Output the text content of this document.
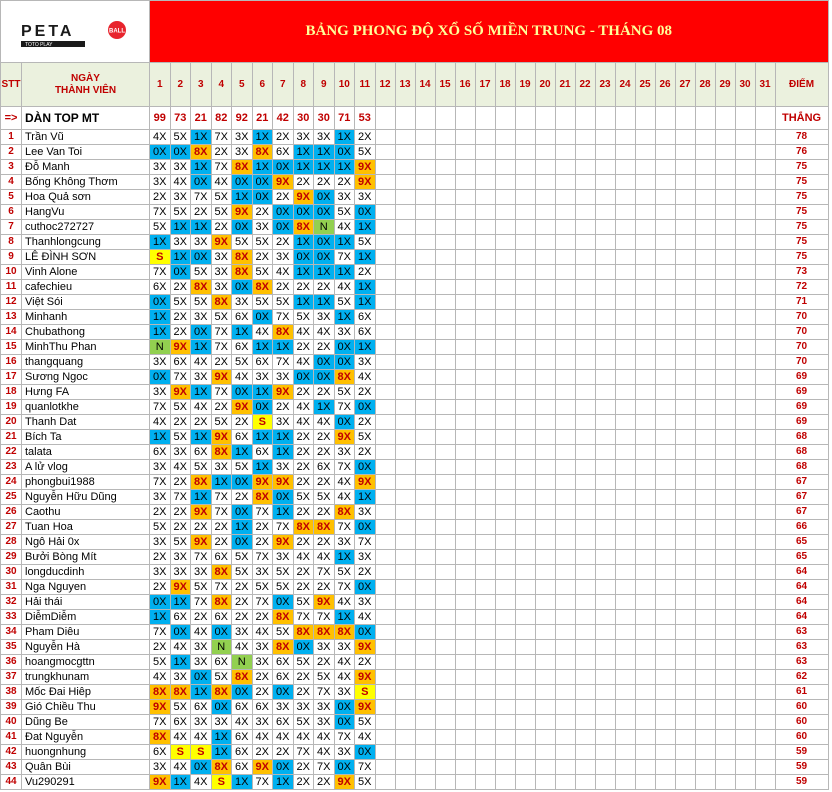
PETA BALL
TOTO PLAY		BẢNG PHONG ĐỘ XỔ SỐ MIỀN TRUNG - THÁNG 08																															
STT	NGÀY
THÀNH VIÊN	1	2	3	4	5	6	7	8	9	10	11	12	13	14	15	16	17	18	19	20	21	22	23	24	25	26	27	28	29	30	31	ĐIỂM
=>	DÀN TOP MT	99	73	21	82	92	21	42	30	30	71	53																					THẮNG
1	Trần Vũ	4X	5X	1X	7X	3X	1X	2X	3X	3X	1X	2X																					78
2	Lee Van Toi	0X	0X	8X	2X	3X	8X	6X	1X	1X	0X	5X																					76
3	Đỗ Manh	3X	3X	1X	7X	8X	1X	0X	1X	1X	1X	9X																					75
4	Bống Không Thơm	3X	4X	0X	4X	0X	0X	9X	2X	2X	2X	9X																					75
5	Hoa Quả sơn	2X	3X	7X	5X	1X	0X	2X	9X	0X	3X	3X																					75
6	HangVu	7X	5X	2X	5X	9X	2X	0X	0X	0X	5X	0X																					75
7	cuthoc272727	5X	1X	1X	2X	0X	3X	0X	8X	N	4X	1X																					75
8	Thanhlongcung	1X	3X	3X	9X	5X	5X	2X	1X	0X	1X	5X																					75
9	LÊ ĐÌNH SƠN	S	1X	0X	3X	8X	2X	3X	0X	0X	7X	1X																					75
10	Vinh Alone	7X	0X	5X	3X	8X	5X	4X	1X	1X	1X	2X																					73
11	cafechieu	6X	2X	8X	3X	0X	8X	2X	2X	2X	4X	1X																					72
12	Việt Sói	0X	5X	5X	8X	3X	5X	5X	1X	1X	5X	1X																					71
13	Minhanh	1X	2X	3X	5X	6X	0X	7X	5X	3X	1X	6X																					70
14	Chubathong	1X	2X	0X	7X	1X	4X	8X	4X	4X	3X	6X																					70
15	MinhThu Phan	N	9X	1X	7X	6X	1X	1X	2X	2X	0X	1X																					70
16	thangquang	3X	6X	4X	2X	5X	6X	7X	4X	0X	0X	3X																					70
17	Sương Ngoc	0X	7X	3X	9X	4X	3X	3X	0X	0X	8X	4X																					69
18	Hưng FA	3X	9X	1X	7X	0X	1X	9X	2X	2X	5X	2X																					69
19	quanlotkhe	7X	5X	4X	2X	9X	0X	2X	4X	1X	7X	0X																					69
20	Thanh Dat	4X	2X	2X	5X	2X	S	3X	4X	4X	0X	2X																					69
21	Bích Ta	1X	5X	1X	9X	6X	1X	1X	2X	2X	9X	5X																					68
22	talata	6X	3X	6X	8X	1X	6X	1X	2X	2X	3X	2X																					68
23	A lử vlog	3X	4X	5X	3X	5X	1X	3X	2X	6X	7X	0X																					68
24	phongbui1988	7X	2X	8X	1X	0X	9X	9X	2X	2X	4X	9X																					67
25	Nguyễn Hữu Dũng	3X	7X	1X	7X	2X	8X	0X	5X	5X	4X	1X																					67
26	Caothu	2X	2X	9X	7X	0X	7X	1X	2X	2X	8X	3X																					67
27	Tuan Hoa	5X	2X	2X	2X	1X	2X	7X	8X	8X	7X	0X																					66
28	Ngô Hải 0x	3X	5X	9X	2X	0X	2X	9X	2X	2X	3X	7X																					65
29	Bưởi Bòng Mít	2X	3X	7X	6X	5X	7X	3X	4X	4X	1X	3X																					65
30	longducdinh	3X	3X	3X	8X	5X	3X	5X	2X	7X	5X	2X																					64
31	Nga Nguyen	2X	9X	5X	7X	2X	5X	5X	2X	2X	7X	0X																					64
32	Hải thái	0X	1X	7X	8X	2X	7X	0X	5X	9X	4X	3X																					64
33	DiễmDiễm	1X	6X	2X	6X	2X	2X	8X	7X	7X	1X	4X																					64
34	Pham Diêu	7X	0X	4X	0X	3X	4X	5X	8X	8X	8X	0X																					63
35	Nguyễn Hà	2X	4X	3X	N	4X	3X	8X	0X	3X	3X	9X																					63
36	hoangmocgttn	5X	1X	3X	6X	N	3X	6X	5X	2X	4X	2X																					63
37	trungkhunam	4X	3X	0X	5X	8X	2X	6X	2X	5X	4X	9X																					62
38	Mốc Đai Hiêp	8X	8X	1X	8X	0X	2X	0X	2X	7X	3X	S																					61
39	Gió Chiều Thu	9X	5X	6X	0X	6X	6X	3X	3X	3X	0X	9X																					60
40	Dũng Be	7X	6X	3X	3X	4X	3X	6X	5X	3X	0X	5X																					60
41	Đat Nguyễn	8X	4X	4X	1X	6X	4X	4X	4X	4X	7X	4X																					60
42	huongnhung	6X	S	S	1X	6X	2X	2X	7X	4X	3X	0X																					59
43	Quân Bùi	3X	4X	0X	8X	6X	9X	0X	2X	7X	0X	7X																					59
44	Vu290291	9X	1X	4X	S	1X	7X	1X	2X	2X	9X	5X																					59
